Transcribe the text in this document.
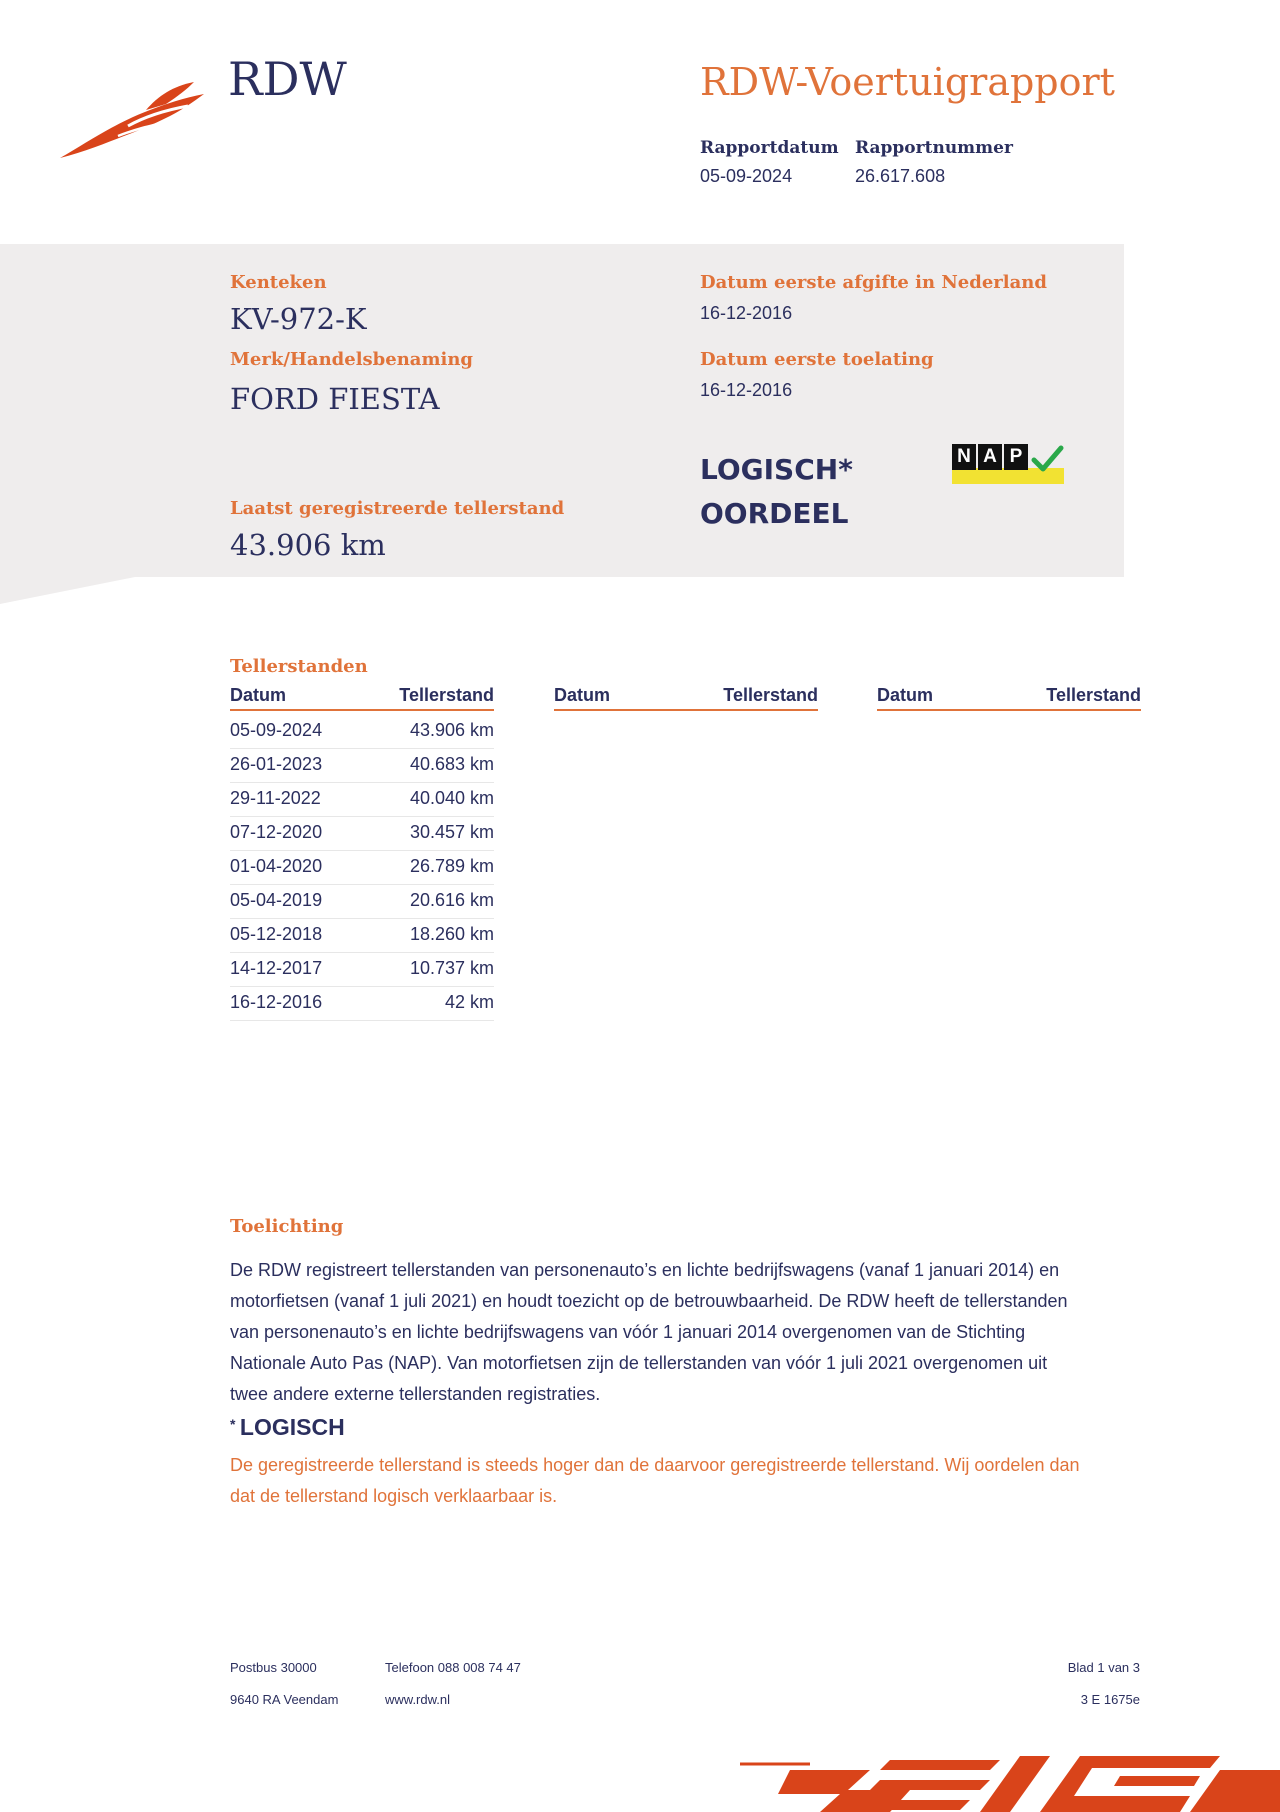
RDW	RDW-Voertuigrapport
Rapportdatum
05-09-2024
Rapportnummer
26.617.608
Kenteken
KV-972-K
Merk/Handelsbenaming
FORD FIESTA
Laatst geregistreerde tellerstand
43.906 km
Datum eerste afgifte in Nederland
16-12-2016
Datum eerste toelating
16-12-2016
LOGISCH*
OORDEEL
N A P
Tellerstanden
Datum	Tellerstand	Datum	Tellerstand	Datum	Tellerstand
05-09-2024	43.906 km
26-01-2023	40.683 km
29-11-2022	40.040 km
07-12-2020	30.457 km
01-04-2020	26.789 km
05-04-2019	20.616 km
05-12-2018	18.260 km
14-12-2017	10.737 km
16-12-2016	42 km
Toelichting
De RDW registreert tellerstanden van personenauto’s en lichte bedrijfswagens (vanaf 1 januari 2014) en
motorfietsen (vanaf 1 juli 2021) en houdt toezicht op de betrouwbaarheid. De RDW heeft de tellerstanden
van personenauto’s en lichte bedrijfswagens van vóór 1 januari 2014 overgenomen van de Stichting
Nationale Auto Pas (NAP). Van motorfietsen zijn de tellerstanden van vóór 1 juli 2021 overgenomen uit
twee andere externe tellerstanden registraties.
* LOGISCH
De geregistreerde tellerstand is steeds hoger dan de daarvoor geregistreerde tellerstand. Wij oordelen dan
dat de tellerstand logisch verklaarbaar is.
Postbus 30000
9640 RA Veendam
Telefoon 088 008 74 47
www.rdw.nl
Blad 1 van 3
3 E 1675e
